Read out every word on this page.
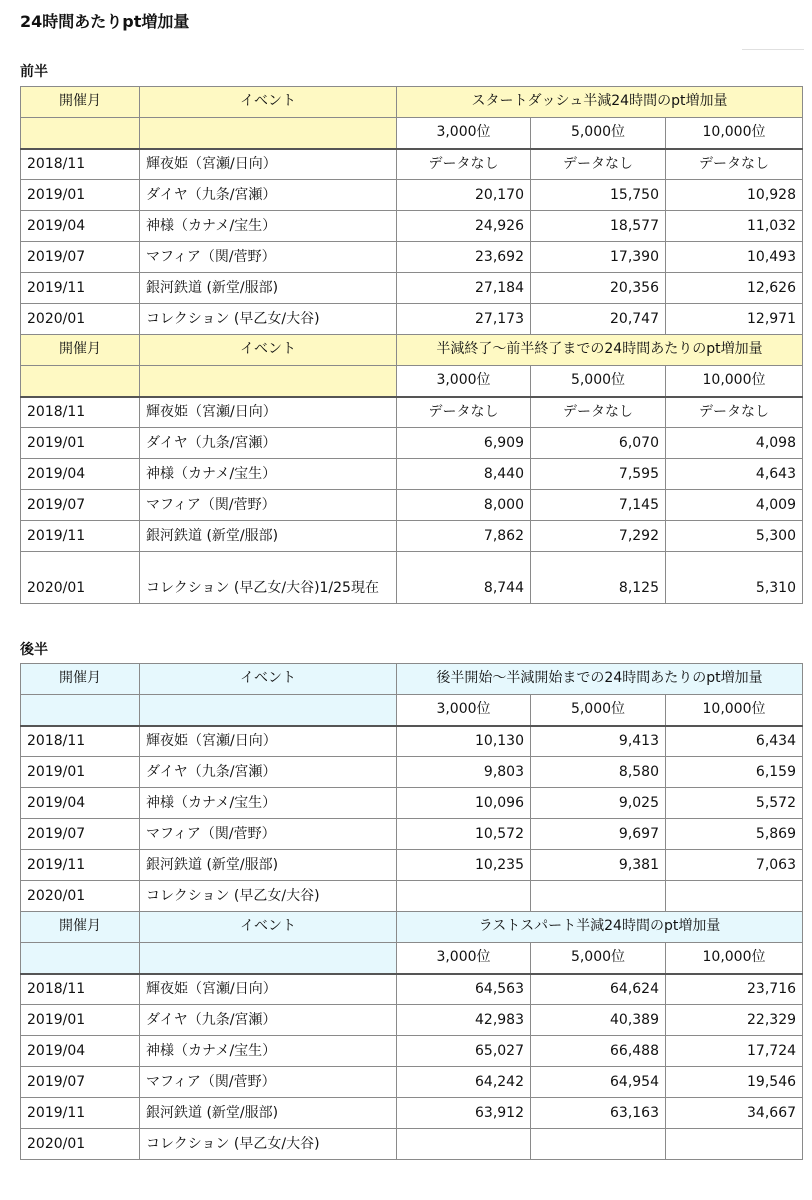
24時間あたりpt増加量
前半
開催月	イベント	スタートダッシュ半減24時間のpt増加量		
		3,000位	5,000位	10,000位
2018/11	輝夜姫（宮瀬/日向）	データなし	データなし	データなし
2019/01	ダイヤ（九条/宮瀬）	20,170	15,750	10,928
2019/04	神様（カナメ/宝生）	24,926	18,577	11,032
2019/07	マフィア（関/菅野）	23,692	17,390	10,493
2019/11	銀河鉄道 (新堂/服部)	27,184	20,356	12,626
2020/01	コレクション (早乙女/大谷)	27,173	20,747	12,971
開催月	イベント	半減終了～前半終了までの24時間あたりのpt増加量		
		3,000位	5,000位	10,000位
2018/11	輝夜姫（宮瀬/日向）	データなし	データなし	データなし
2019/01	ダイヤ（九条/宮瀬）	6,909	6,070	4,098
2019/04	神様（カナメ/宝生）	8,440	7,595	4,643
2019/07	マフィア（関/菅野）	8,000	7,145	4,009
2019/11	銀河鉄道 (新堂/服部)	7,862	7,292	5,300
2020/01	コレクション (早乙女/大谷)1/25現在	8,744	8,125	5,310
後半
開催月	イベント	後半開始～半減開始までの24時間あたりのpt増加量		
		3,000位	5,000位	10,000位
2018/11	輝夜姫（宮瀬/日向）	10,130	9,413	6,434
2019/01	ダイヤ（九条/宮瀬）	9,803	8,580	6,159
2019/04	神様（カナメ/宝生）	10,096	9,025	5,572
2019/07	マフィア（関/菅野）	10,572	9,697	5,869
2019/11	銀河鉄道 (新堂/服部)	10,235	9,381	7,063
2020/01	コレクション (早乙女/大谷)			
開催月	イベント	ラストスパート半減24時間のpt増加量		
		3,000位	5,000位	10,000位
2018/11	輝夜姫（宮瀬/日向）	64,563	64,624	23,716
2019/01	ダイヤ（九条/宮瀬）	42,983	40,389	22,329
2019/04	神様（カナメ/宝生）	65,027	66,488	17,724
2019/07	マフィア（関/菅野）	64,242	64,954	19,546
2019/11	銀河鉄道 (新堂/服部)	63,912	63,163	34,667
2020/01	コレクション (早乙女/大谷)			
